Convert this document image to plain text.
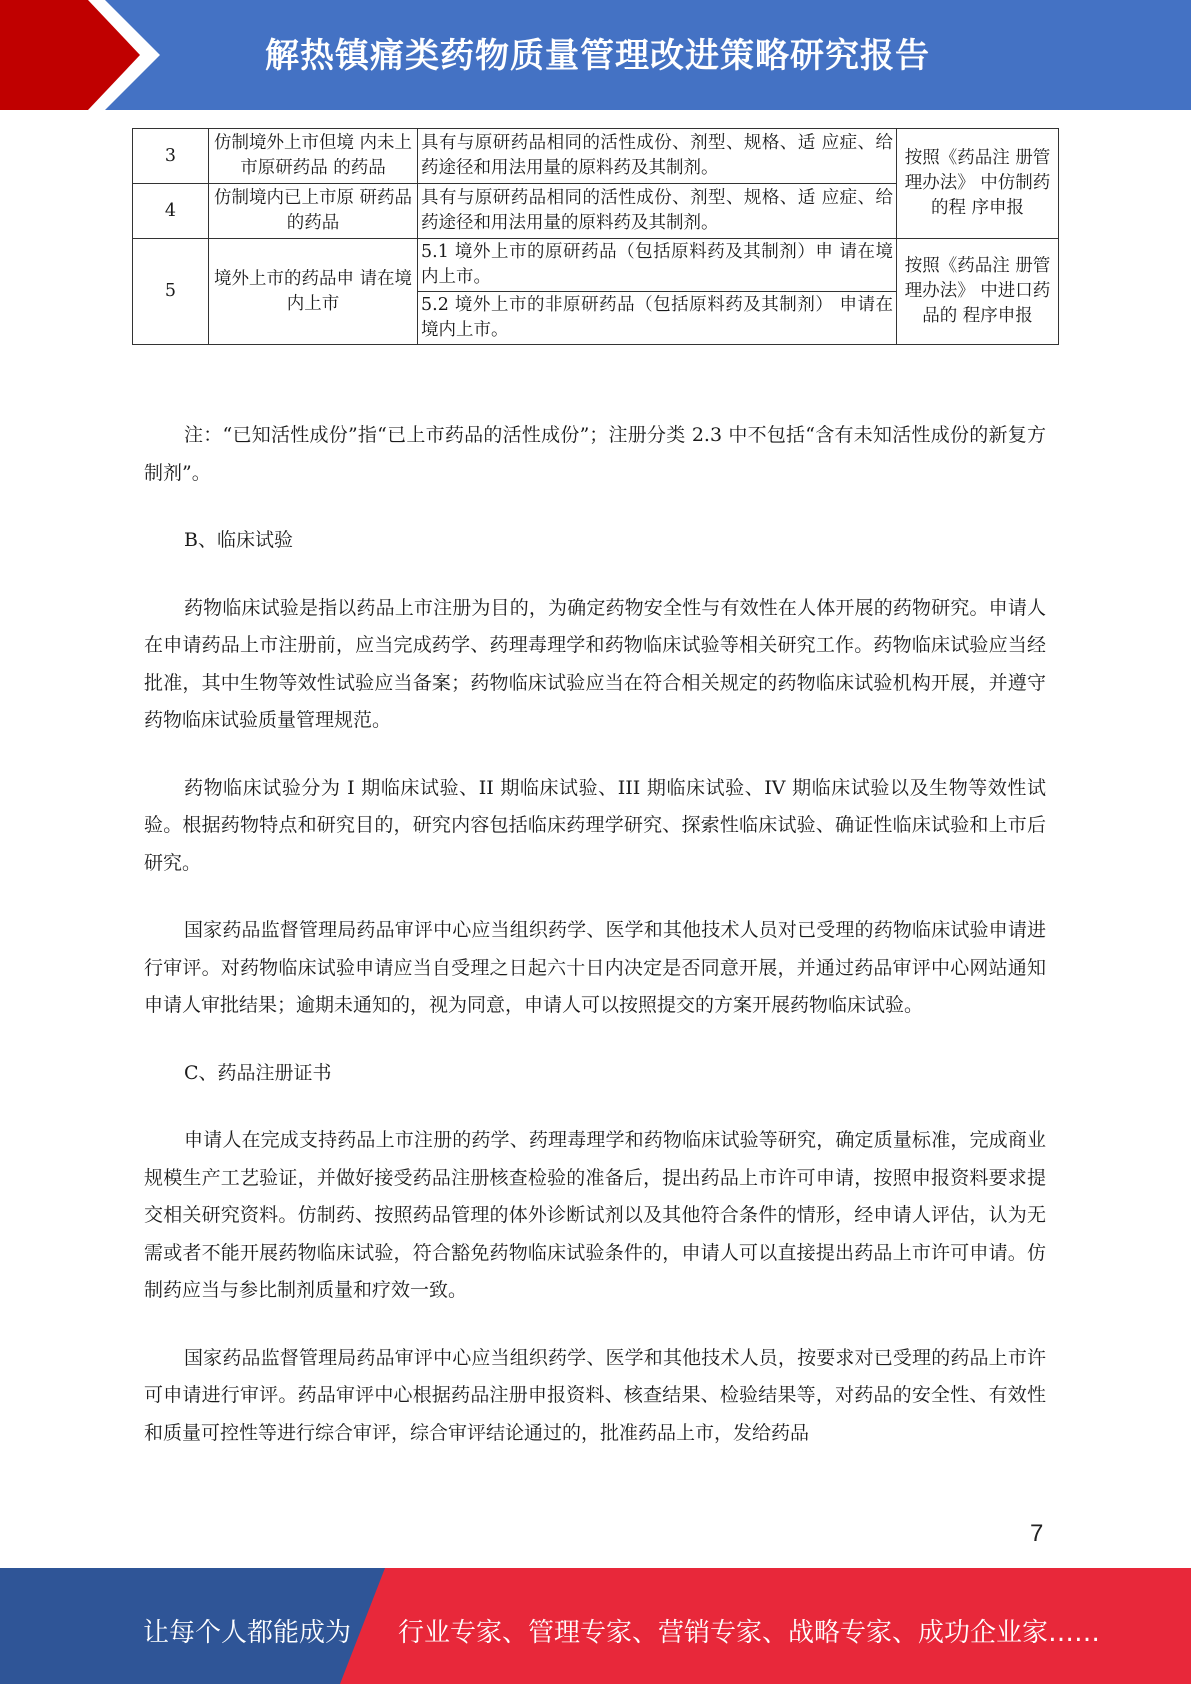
解热镇痛类药物质量管理改进策略研究报告
3	仿制境外上市但境 内未上市原研药品 的药品	具有与原研药品相同的活性成份、剂型、规格、适 应症、给药途径和用法用量的原料药及其制剂。	按照《药品注 册管理办法》 中仿制药的程 序申报
4	仿制境内已上市原 研药品的药品	具有与原研药品相同的活性成份、剂型、规格、适 应症、给药途径和用法用量的原料药及其制剂。	
5	境外上市的药品申 请在境内上市	5.1 境外上市的原研药品（包括原料药及其制剂）申 请在境内上市。
5.2 境外上市的非原研药品（包括原料药及其制剂） 申请在境内上市。	按照《药品注 册管理办法》 中进口药品的 程序申报

注：“已知活性成份”指“已上市药品的活性成份”；注册分类 2.3 中不包括“含有未知活性成份的新复方制剂”。

B、临床试验

药物临床试验是指以药品上市注册为目的，为确定药物安全性与有效性在人体开展的药物研究。申请人在申请药品上市注册前，应当完成药学、药理毒理学和药物临床试验等相关研究工作。药物临床试验应当经批准，其中生物等效性试验应当备案；药物临床试验应当在符合相关规定的药物临床试验机构开展，并遵守药物临床试验质量管理规范。

药物临床试验分为 I 期临床试验、II 期临床试验、III 期临床试验、IV 期临床试验以及生物等效性试验。根据药物特点和研究目的，研究内容包括临床药理学研究、探索性临床试验、确证性临床试验和上市后研究。

国家药品监督管理局药品审评中心应当组织药学、医学和其他技术人员对已受理的药物临床试验申请进行审评。对药物临床试验申请应当自受理之日起六十日内决定是否同意开展，并通过药品审评中心网站通知申请人审批结果；逾期未通知的，视为同意，申请人可以按照提交的方案开展药物临床试验。

C、药品注册证书

申请人在完成支持药品上市注册的药学、药理毒理学和药物临床试验等研究，确定质量标准，完成商业规模生产工艺验证，并做好接受药品注册核查检验的准备后，提出药品上市许可申请，按照申报资料要求提交相关研究资料。仿制药、按照药品管理的体外诊断试剂以及其他符合条件的情形，经申请人评估，认为无需或者不能开展药物临床试验，符合豁免药物临床试验条件的，申请人可以直接提出药品上市许可申请。仿制药应当与参比制剂质量和疗效一致。

国家药品监督管理局药品审评中心应当组织药学、医学和其他技术人员，按要求对已受理的药品上市许可申请进行审评。药品审评中心根据药品注册申报资料、核查结果、检验结果等，对药品的安全性、有效性和质量可控性等进行综合审评，综合审评结论通过的，批准药品上市，发给药品

7
让每个人都能成为 行业专家、管理专家、营销专家、战略专家、成功企业家……
